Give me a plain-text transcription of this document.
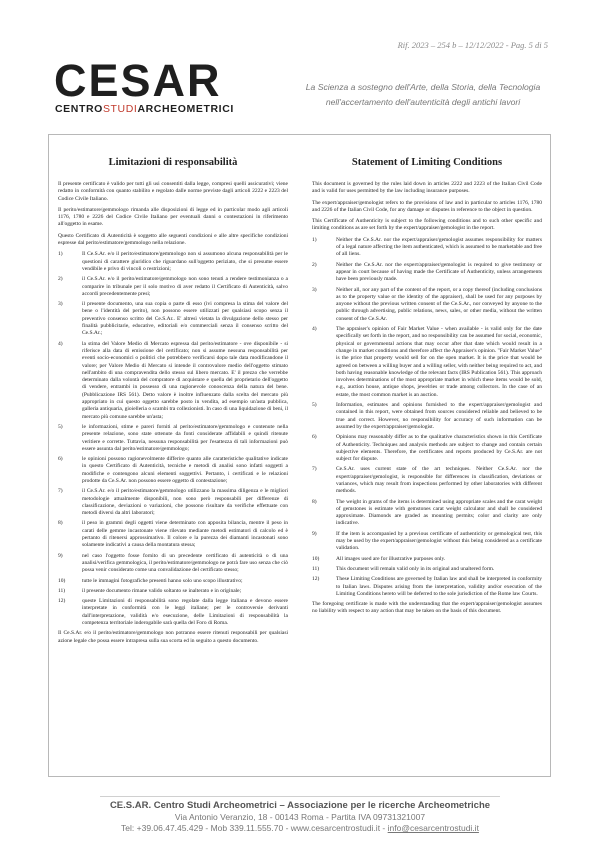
Rif. 2023 – 254 b – 12/12/2022 - Pag. 5 di 5
CESAR
CENTROSTUDIARCHEOMETRICI
La Scienza a sostegno dell'Arte, della Storia, della Tecnologia
nell'accertamento dell'autenticità degli antichi lavori
Limitazioni di responsabilità

Il presente certificato è valido per tutti gli usi consentiti dalla legge, compresi quelli assicurativi; viene redatto in conformità con quanto stabilito e regolato dalle norme previste dagli articoli 2222 e 2223 del Codice Civile Italiano.

Il perito/estimatore/gemmologo rimanda alle disposizioni di legge ed in particolar modo agli articoli 1176, 1780 e 2226 del Codice Civile Italiano per eventuali danni o contestazioni in riferimento all'oggetto in esame.

Questo Certificato di Autenticità è soggetto alle seguenti condizioni e alle altre specifiche condizioni espresse dal perito/estimatore/gemmologo nella relazione.

1)	Il Ce.S.Ar. e/o il perito/estimatore/gemmologo non si assumono alcuna responsabilità per le questioni di carattere giuridico che riguardano sull'oggetto periziato, che si presume essere vendibile e privo di vincoli o restrizioni;
2)	il Ce.S.Ar. e/o il perito/estimatore/gemmologo non sono tenuti a rendere testimonianza o a comparire in tribunale per il solo motivo di aver redatto il Certificato di Autenticità, salvo accordi precedentemente presi;
3)	il presente documento, una sua copia o parte di esso (ivi compresa la stima del valore del bene o l'identità del perito), non possono essere utilizzati per qualsiasi scopo senza il preventivo consenso scritto del Ce.S.Ar.. E' altresì vietata la divulgazione dello stesso per finalità pubblicitarie, educative, editoriali e/o commerciali senza il consenso scritto del Ce.S.Ar.;
4)	la stima del Valore Medio di Mercato espressa dal perito/estimatore - ove disponibile - si riferisce alla data di emissione del certificato; non si assume nessuna responsabilità per eventi socio-economici o politici che potrebbero verificarsi dopo tale data modificandone il valore; per Valore Medio di Mercato si intende il controvalore medio dell'oggetto stimato nell'ambito di una compravendita dello stesso sul libero mercato. E' il prezzo che verrebbe determinato dalla volontà del compratore di acquistare e quella del proprietario dell'oggetto di vendere, entrambi in possesso di una ragionevole conoscenza della natura del bene. (Pubblicazione IRS 561). Detto valore è inoltre influenzato dalla scelta del mercato più appropriato in cui questo oggetto sarebbe posto in vendita, ad esempio un'asta pubblica, galleria antiquaria, gioielleria o scambi tra collezionisti. In caso di una liquidazione di beni, il mercato più comune sarebbe un'asta;
5)	le informazioni, stime e pareri forniti al perito/estimatore/gemmologo e contenute nella presente relazione, sono state ottenute da fonti considerate affidabili e quindi ritenute veritiere e corrette. Tuttavia, nessuna responsabilità per l'esattezza di tali informazioni può essere assunta dal perito/estimatore/gemmologo;
6)	le opinioni possono ragionevolmente differire quanto alle caratteristiche qualitative indicate in questo Certificato di Autenticità, tecniche e metodi di analisi sono infatti soggetti a modifiche e contengono alcuni elementi soggettivi. Pertanto, i certificati e le relazioni prodotte da Ce.S.Ar. non possono essere oggetto di contestazione;
7)	il Ce.S.Ar. e/o il perito/estimatore/gemmologo utilizzano la massima diligenza e le migliori metodologie attualmente disponibili, non sono però responsabili per differenze di classificazione, deviazioni o variazioni, che possono risultare da verifiche effettuate con metodi diversi da altri laboratori;
8)	il peso in grammi degli oggetti viene determinato con apposita bilancia, mentre il peso in carati delle gemme incastonate viene rilevato mediante metodi estimatori di calcolo ed è pertanto di ritenersi approssimativo. Il colore e la purezza dei diamanti incastonati sono solamente indicativi a causa della montatura stessa;
9)	nel caso l'oggetto fosse fornito di un precedente certificato di autenticità o di una analisi/verifica gemmologica, il perito/estimatore/gemmologo ne potrà fare uso senza che ciò possa venir considerato come una convalidazione del certificato stesso;
10)	tutte le immagini fotografiche presenti hanno solo uno scopo illustrativo;
11)	il presente documento rimane valido soltanto se inalterato e in originale;
12)	queste Limitazioni di responsabilità sono regolate dalla legge italiana e devono essere interpretate in conformità con le leggi italiane; per le controversie derivanti dall'interpretazione, validità e/o esecuzione, delle Limitazioni di responsabilità la competenza territoriale inderogabile sarà quella del Foro di Roma.
Il Ce.S.Ar. e/o il perito/estimatore/gemmologo non potranno essere ritenuti responsabili per qualsiasi azione legale che possa essere intrapresa sulla sua scorta ed in seguito a questo documento.
Statement of Limiting Conditions

This document is governed by the rules laid down in articles 2222 and 2223 of the Italian Civil Code and is valid for uses permitted by the law including insurance purposes.

The expert/appraiser/gemologist refers to the provisions of law and in particular to articles 1176, 1780 and 2226 of the Italian Civil Code, for any damage or disputes in reference to the object in question.

This Certificate of Authenticity is subject to the following conditions and to such other specific and limiting conditions as are set forth by the expert/appraiser/gemologist in the report.

1)	Neither the Ce.S.Ar. nor the expert/appraiser/gemologist assumes responsibility for matters of a legal nature affecting the item authenticated, which is assumed to be marketable and free of all liens.
2)	Neither the Ce.S.Ar. nor the expert/appraiser/gemologist is required to give testimony or appear in court because of having made the Certificate of Authenticity, unless arrangements have been previously made.
3)	Neither all, nor any part of the content of the report, or a copy thereof (including conclusions as to the property value or the identity of the appraiser), shall be used for any purposes by anyone without the previous written consent of the Ce.S.Ar., nor conveyed by anyone to the public through advertising, public relations, news, sales, or other media, without the written consent of the Ce.S.Ar.
4)	The appraiser's opinion of Fair Market Value - when available - is valid only for the date specifically set forth in the report, and no responsibility can be assumed for social, economic, physical or governmental actions that may occur after that date which would result in a change in market conditions and therefore affect the Appraiser's opinion. "Fair Market Value" is the price that property would sell for on the open market. It is the price that would be agreed on between a willing buyer and a willing seller, with neither being required to act, and both having reasonable knowledge of the relevant facts (IRS Publication 561). This approach involves determinations of the most appropriate market in which these items would be sold, e.g., auction house, antique shops, jewelries or trade among collectors. In the case of an estate, the most common market is an auction.
5)	Information, estimates and opinions furnished to the expert/appraiser/gemologist and contained in this report, were obtained from sources considered reliable and believed to be true and correct. However, no responsibility for accuracy of such information can be assumed by the expert/appraiser/gemologist.
6)	Opinions may reasonably differ as to the qualitative characteristics shown in this Certificate of Authenticity. Techniques and analysis methods are subject to change and contain certain subjective elements. Therefore, the certificates and reports produced by Ce.S.Ar. are not subject for dispute.
7)	Ce.S.Ar. uses current state of the art techniques. Neither Ce.S.Ar. nor the expert/appraiser/gemologist, is responsible for differences in classification, deviations or variances, which may result from inspections performed by other laboratories with different methods.
8)	The weight in grams of the items is determined using appropriate scales and the carat weight of gemstones is estimate with gemstones carat weight calculator and shall be considered approximate. Diamonds are graded as mounting permits; color and clarity are only indicative.
9)	If the item is accompanied by a previous certificate of authenticity or gemological test, this may be used by the expert/appraiser/gemologist without this being considered as a certificate validation.
10)	All images used are for illustrative purposes only.
11)	This document will remain valid only in its original and unaltered form.
12)	These Limiting Conditions are governed by Italian law and shall be interpreted in conformity to Italian laws. Disputes arising from the interpretation, validity and/or execution of the Limiting Conditions hereto will be deferred to the sole jurisdiction of the Rome law Courts.
The foregoing certificate is made with the understanding that the expert/appraiser/gemologist assumes no liability with respect to any action that may be taken on the basis of this document.
CE.S.AR. Centro Studi Archeometrici – Associazione per le ricerche Archeometriche
Via Antonio Veranzio, 18 - 00143 Roma - Partita IVA 09731321007
Tel: +39.06.47.45.429 - Mob 339.11.555.70 - www.cesarcentrostudi.it - info@cesarcentrostudi.it
